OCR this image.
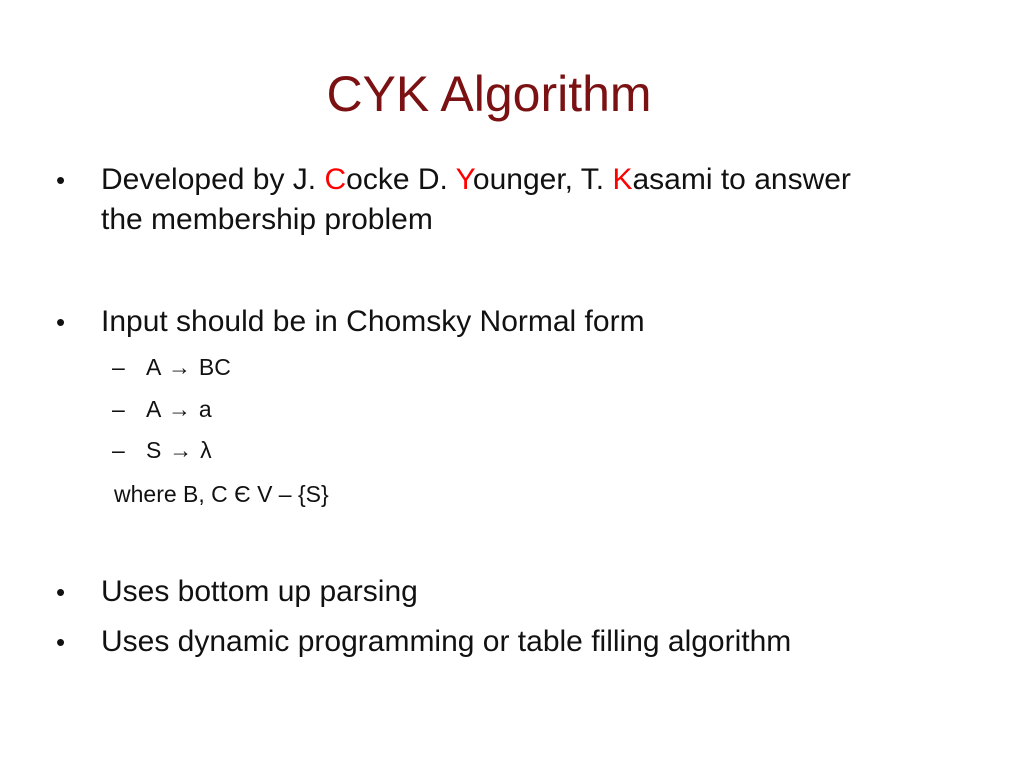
CYK Algorithm
•	Developed by J. Cocke D. Younger, T. Kasami to answer
the membership problem
•	Input should be in Chomsky Normal form
– A → BC
– A → a
– S → λ
where B, C Є V – {S}
•	Uses bottom up parsing
•	Uses dynamic programming or table filling algorithm
